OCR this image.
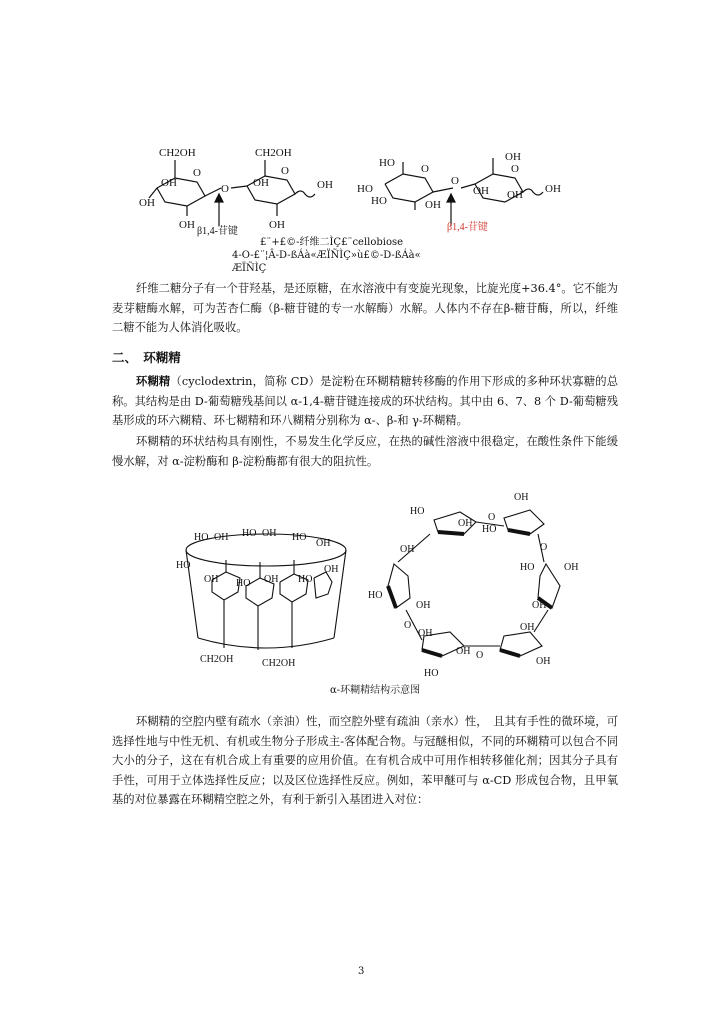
CH2OH	CH2OH
O	O
OH
OH
OH
O OH	OH
OH
β1,4-苷键
OH
O	O
HO
HO
HO
O
OH
OH
OH
OH
β1,4-苷键
£¨+£©-纤维二ÌÇ£¨cellobiose
4-O-£¨¦Â-D-ßÁà«ÆÏÑÌÇ»ù£©-D-ßÁà«
ÆÏÑÌÇ

纤维二糖分子有一个苷羟基，是还原糖，在水溶液中有变旋光现象，比旋光度+36.4°。它不能为麦芽糖酶水解，可为苦杏仁酶（β-糖苷键的专一水解酶）水解。人体内不存在β-糖苷酶，所以，纤维二糖不能为人体消化吸收。

二、　环糊精

环糊精（cyclodextrin，简称 CD）是淀粉在环糊精糖转移酶的作用下形成的多种环状寡糖的总称。其结构是由 D-葡萄糖残基间以 α-1,4-糖苷键连接成的环状结构。其中由 6、7、8 个 D-葡萄糖残基形成的环六糊精、环七糊精和环八糊精分别称为 α-、β-和 γ-环糊精。

环糊精的环状结构具有刚性，不易发生化学反应，在热的碱性溶液中很稳定，在酸性条件下能缓慢水解，对 α-淀粉酶和 β-淀粉酶都有很大的阻抗性。

HO OH HO OH HO
OH
HO
OH HO OH HO
OH
CH2OH	CH2OH
OH
HO
OH
HO
O
O
OH
HO	OH
HO
OH	OH
O
OH
OH
OH O
OH
HO
α-环糊精结构示意图

环糊精的空腔内壁有疏水（亲油）性，而空腔外壁有疏油（亲水）性，　且其有手性的微环境，可选择性地与中性无机、有机或生物分子形成主-客体配合物。与冠醚相似，不同的环糊精可以包合不同大小的分子，这在有机合成上有重要的应用价值。在有机合成中可用作相转移催化剂；因其分子具有手性，可用于立体选择性反应；以及区位选择性反应。例如，苯甲醚可与 α-CD 形成包合物，且甲氧基的对位暴露在环糊精空腔之外，有利于新引入基团进入对位：

3
